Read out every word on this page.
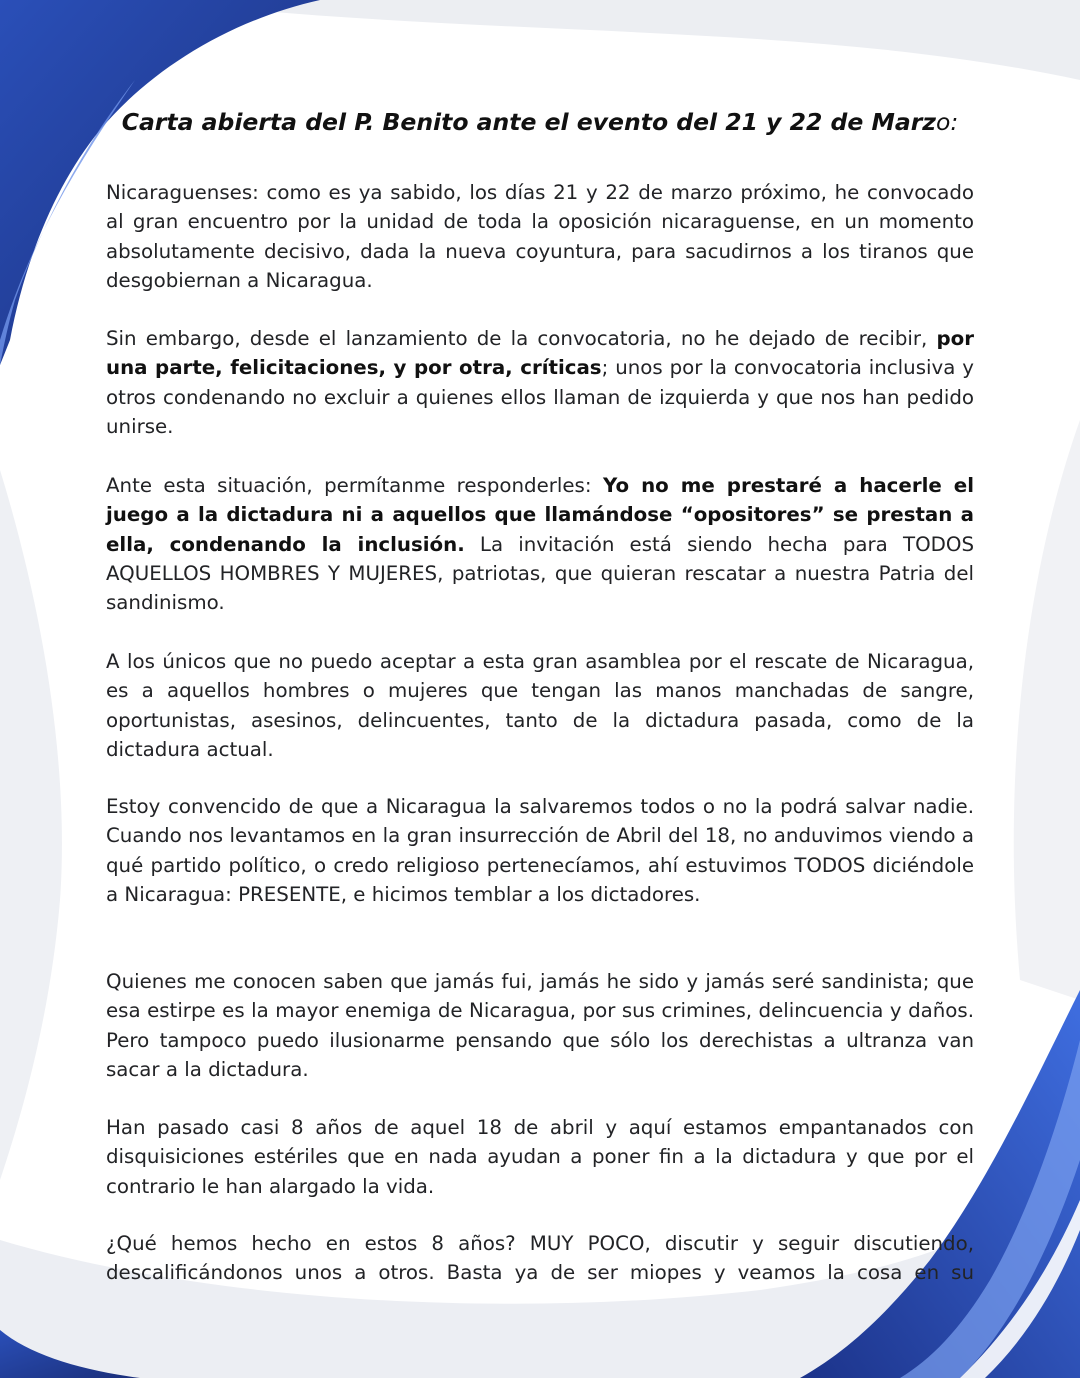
Carta abierta del P. Benito ante el evento del 21 y 22 de Marzo:

Nicaraguenses: como es ya sabido, los días 21 y 22 de marzo próximo, he convocado al gran encuentro por la unidad de toda la oposición nicaraguense, en un momento absolutamente decisivo, dada la nueva coyuntura, para sacudirnos a los tiranos que desgobiernan a Nicaragua.

Sin embargo, desde el lanzamiento de la convocatoria, no he dejado de recibir, por una parte, felicitaciones, y por otra, críticas; unos por la convocatoria inclusiva y otros condenando no excluir a quienes ellos llaman de izquierda y que nos han pedido unirse.

Ante esta situación, permítanme responderles: Yo no me prestaré a hacerle el juego a la dictadura ni a aquellos que llamándose “opositores” se prestan a ella, condenando la inclusión. La invitación está siendo hecha para TODOS AQUELLOS HOMBRES Y MUJERES, patriotas, que quieran rescatar a nuestra Patria del sandinismo.

A los únicos que no puedo aceptar a esta gran asamblea por el rescate de Nicaragua, es a aquellos hombres o mujeres que tengan las manos manchadas de sangre, oportunistas, asesinos, delincuentes, tanto de la dictadura pasada, como de la dictadura actual.

Estoy convencido de que a Nicaragua la salvaremos todos o no la podrá salvar nadie. Cuando nos levantamos en la gran insurrección de Abril del 18, no anduvimos viendo a qué partido político, o credo religioso pertenecíamos, ahí estuvimos TODOS diciéndole a Nicaragua: PRESENTE, e hicimos temblar a los dictadores.

Quienes me conocen saben que jamás fui, jamás he sido y jamás seré sandinista; que esa estirpe es la mayor enemiga de Nicaragua, por sus crimines, delincuencia y daños. Pero tampoco puedo ilusionarme pensando que sólo los derechistas a ultranza van sacar a la dictadura.

Han pasado casi 8 años de aquel 18 de abril y aquí estamos empantanados con disquisiciones estériles que en nada ayudan a poner fin a la dictadura y que por el contrario le han alargado la vida.

¿Qué hemos hecho en estos 8 años? MUY POCO, discutir y seguir discutiendo, descalificándonos unos a otros. Basta ya de ser miopes y veamos la cosa en su
